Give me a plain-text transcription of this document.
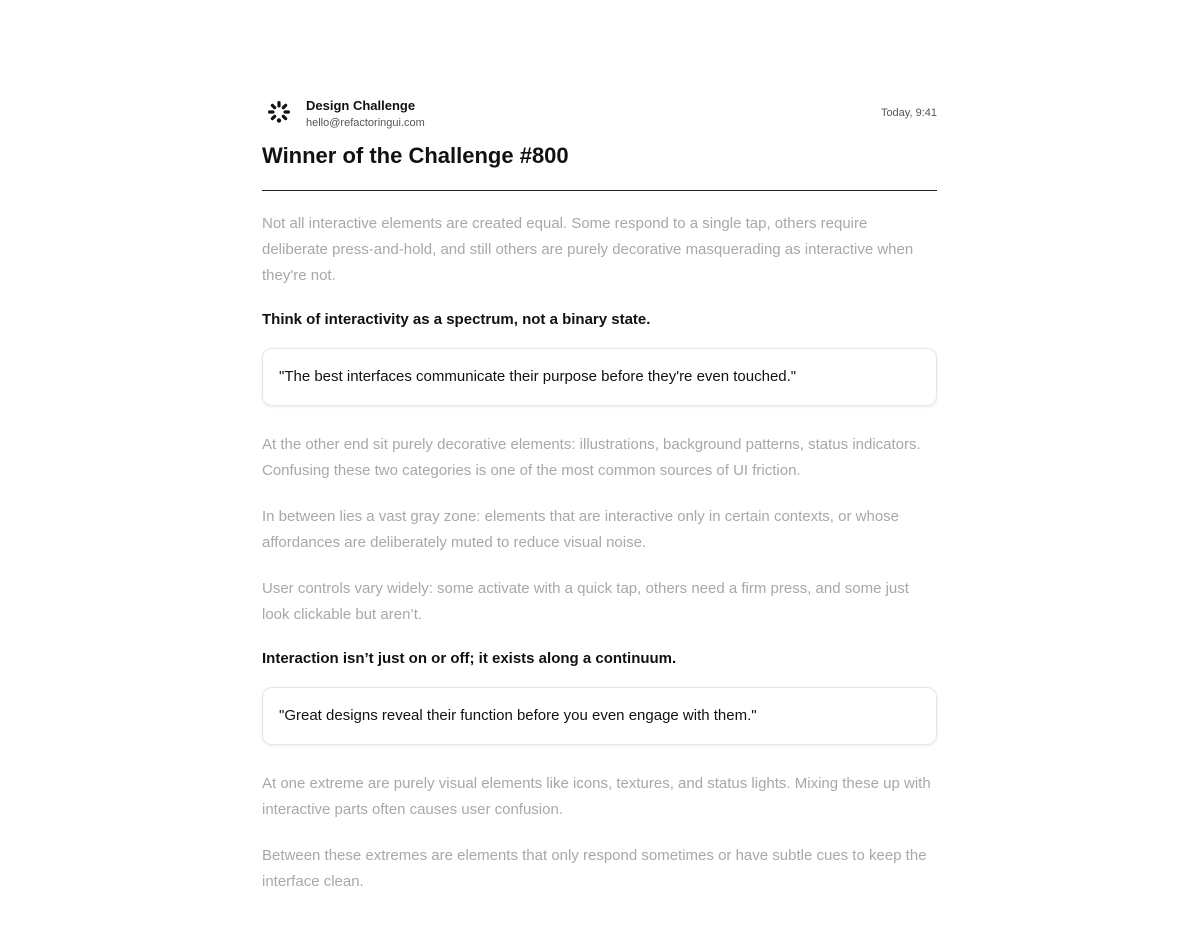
Design Challenge
hello@refactoringui.com
Today, 9:41
Winner of the Challenge #800

Not all interactive elements are created equal. Some respond to a single tap, others require deliberate press-and-hold, and still others are purely decorative masquerading as interactive when they're not.

Think of interactivity as a spectrum, not a binary state.

"The best interfaces communicate their purpose before they're even touched."

At the other end sit purely decorative elements: illustrations, background patterns, status indicators. Confusing these two categories is one of the most common sources of UI friction.

In between lies a vast gray zone: elements that are interactive only in certain contexts, or whose affordances are deliberately muted to reduce visual noise.

User controls vary widely: some activate with a quick tap, others need a firm press, and some just look clickable but aren’t.

Interaction isn’t just on or off; it exists along a continuum.

"Great designs reveal their function before you even engage with them."

At one extreme are purely visual elements like icons, textures, and status lights. Mixing these up with interactive parts often causes user confusion.

Between these extremes are elements that only respond sometimes or have subtle cues to keep the interface clean.
